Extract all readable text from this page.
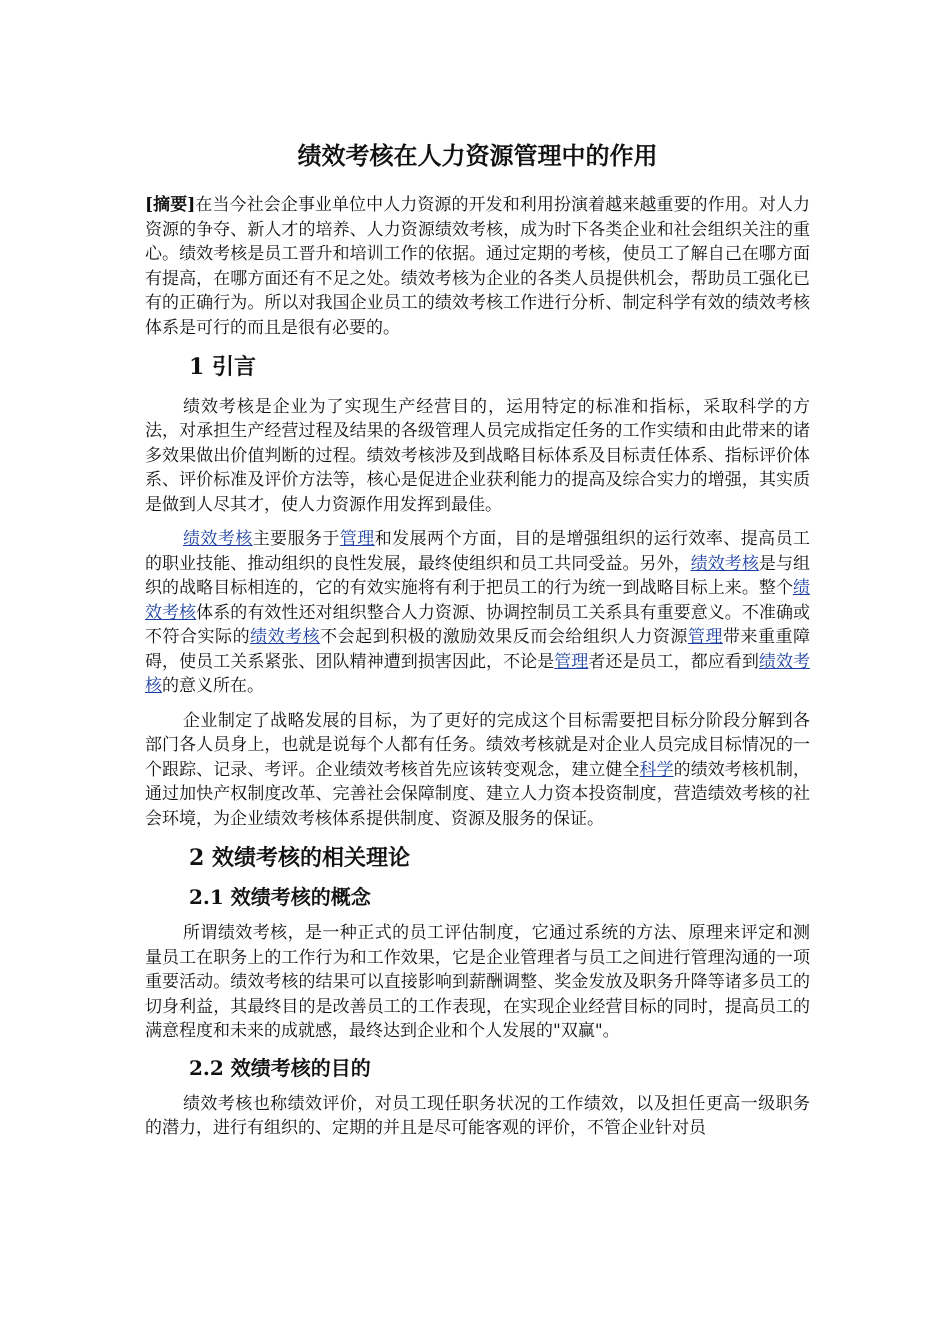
绩效考核在人力资源管理中的作用

[摘要]在当今社会企事业单位中人力资源的开发和利用扮演着越来越重要的作用。对人力资源的争夺、新人才的培养、人力资源绩效考核，成为时下各类企业和社会组织关注的重心。绩效考核是员工晋升和培训工作的依据。通过定期的考核，使员工了解自己在哪方面有提高，在哪方面还有不足之处。绩效考核为企业的各类人员提供机会，帮助员工强化已有的正确行为。所以对我国企业员工的绩效考核工作进行分析、制定科学有效的绩效考核体系是可行的而且是很有必要的。

1 引言

绩效考核是企业为了实现生产经营目的，运用特定的标准和指标，采取科学的方法，对承担生产经营过程及结果的各级管理人员完成指定任务的工作实绩和由此带来的诸多效果做出价值判断的过程。绩效考核涉及到战略目标体系及目标责任体系、指标评价体系、评价标准及评价方法等，核心是促进企业获利能力的提高及综合实力的增强，其实质是做到人尽其才，使人力资源作用发挥到最佳。

绩效考核主要服务于管理和发展两个方面，目的是增强组织的运行效率、提高员工的职业技能、推动组织的良性发展，最终使组织和员工共同受益。另外，绩效考核是与组织的战略目标相连的，它的有效实施将有利于把员工的行为统一到战略目标上来。整个绩效考核体系的有效性还对组织整合人力资源、协调控制员工关系具有重要意义。不准确或不符合实际的绩效考核不会起到积极的激励效果反而会给组织人力资源管理带来重重障碍，使员工关系紧张、团队精神遭到损害因此，不论是管理者还是员工，都应看到绩效考核的意义所在。

企业制定了战略发展的目标，为了更好的完成这个目标需要把目标分阶段分解到各部门各人员身上，也就是说每个人都有任务。绩效考核就是对企业人员完成目标情况的一个跟踪、记录、考评。企业绩效考核首先应该转变观念，建立健全科学的绩效考核机制，通过加快产权制度改革、完善社会保障制度、建立人力资本投资制度，营造绩效考核的社会环境，为企业绩效考核体系提供制度、资源及服务的保证。

2 效绩考核的相关理论
2.1 效绩考核的概念

所谓绩效考核，是一种正式的员工评估制度，它通过系统的方法、原理来评定和测量员工在职务上的工作行为和工作效果，它是企业管理者与员工之间进行管理沟通的一项重要活动。绩效考核的结果可以直接影响到薪酬调整、奖金发放及职务升降等诸多员工的切身利益，其最终目的是改善员工的工作表现，在实现企业经营目标的同时，提高员工的满意程度和未来的成就感，最终达到企业和个人发展的"双赢"。

2.2 效绩考核的目的

绩效考核也称绩效评价，对员工现任职务状况的工作绩效，以及担任更高一级职务的潜力，进行有组织的、定期的并且是尽可能客观的评价，不管企业针对员
